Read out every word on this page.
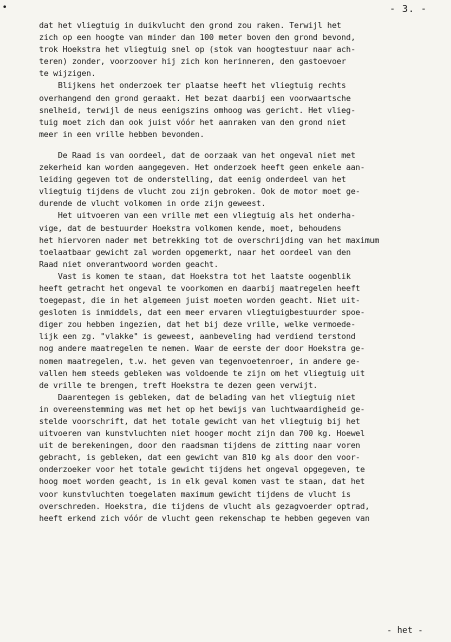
•	- 3. -
dat het vliegtuig in duikvlucht den grond zou raken. Terwijl het
zich op een hoogte van minder dan 100 meter boven den grond bevond,
trok Hoekstra het vliegtuig snel op (stok van hoogtestuur naar ach-
teren) zonder, voorzoover hij zich kon herinneren, den gastoevoer
te wijzigen.
Blijkens het onderzoek ter plaatse heeft het vliegtuig rechts
overhangend den grond geraakt. Het bezat daarbij een voorwaartsche
snelheid, terwijl de neus eenigszins omhoog was gericht. Het vlieg-
tuig moet zich dan ook juist vóór het aanraken van den grond niet
meer in een vrille hebben bevonden.
De Raad is van oordeel, dat de oorzaak van het ongeval niet met
zekerheid kan worden aangegeven. Het onderzoek heeft geen enkele aan-
leiding gegeven tot de onderstelling, dat eenig onderdeel van het
vliegtuig tijdens de vlucht zou zijn gebroken. Ook de motor moet ge-
durende de vlucht volkomen in orde zijn geweest.
Het uitvoeren van een vrille met een vliegtuig als het onderha-
vige, dat de bestuurder Hoekstra volkomen kende, moet, behoudens
het hiervoren nader met betrekking tot de overschrijding van het maximum
toelaatbaar gewicht zal worden opgemerkt, naar het oordeel van den
Raad niet onverantwoord worden geacht.
Vast is komen te staan, dat Hoekstra tot het laatste oogenblik
heeft getracht het ongeval te voorkomen en daarbij maatregelen heeft
toegepast, die in het algemeen juist moeten worden geacht. Niet uit-
gesloten is inmiddels, dat een meer ervaren vliegtuigbestuurder spoe-
diger zou hebben ingezien, dat het bij deze vrille, welke vermoede-
lijk een zg. "vlakke" is geweest, aanbeveling had verdiend terstond
nog andere maatregelen te nemen. Waar de eerste der door Hoekstra ge-
nomen maatregelen, t.w. het geven van tegenvoetenroer, in andere ge-
vallen hem steeds gebleken was voldoende te zijn om het vliegtuig uit
de vrille te brengen, treft Hoekstra te dezen geen verwijt.
Daarentegen is gebleken, dat de belading van het vliegtuig niet
in overeenstemming was met het op het bewijs van luchtwaardigheid ge-
stelde voorschrift, dat het totale gewicht van het vliegtuig bij het
uitvoeren van kunstvluchten niet hooger mocht zijn dan 700 kg. Hoewel
uit de berekeningen, door den raadsman tijdens de zitting naar voren
gebracht, is gebleken, dat een gewicht van 810 kg als door den voor-
onderzoeker voor het totale gewicht tijdens het ongeval opgegeven, te
hoog moet worden geacht, is in elk geval komen vast te staan, dat het
voor kunstvluchten toegelaten maximum gewicht tijdens de vlucht is
overschreden. Hoekstra, die tijdens de vlucht als gezagvoerder optrad,
heeft erkend zich vóór de vlucht geen rekenschap te hebben gegeven van
- het -
